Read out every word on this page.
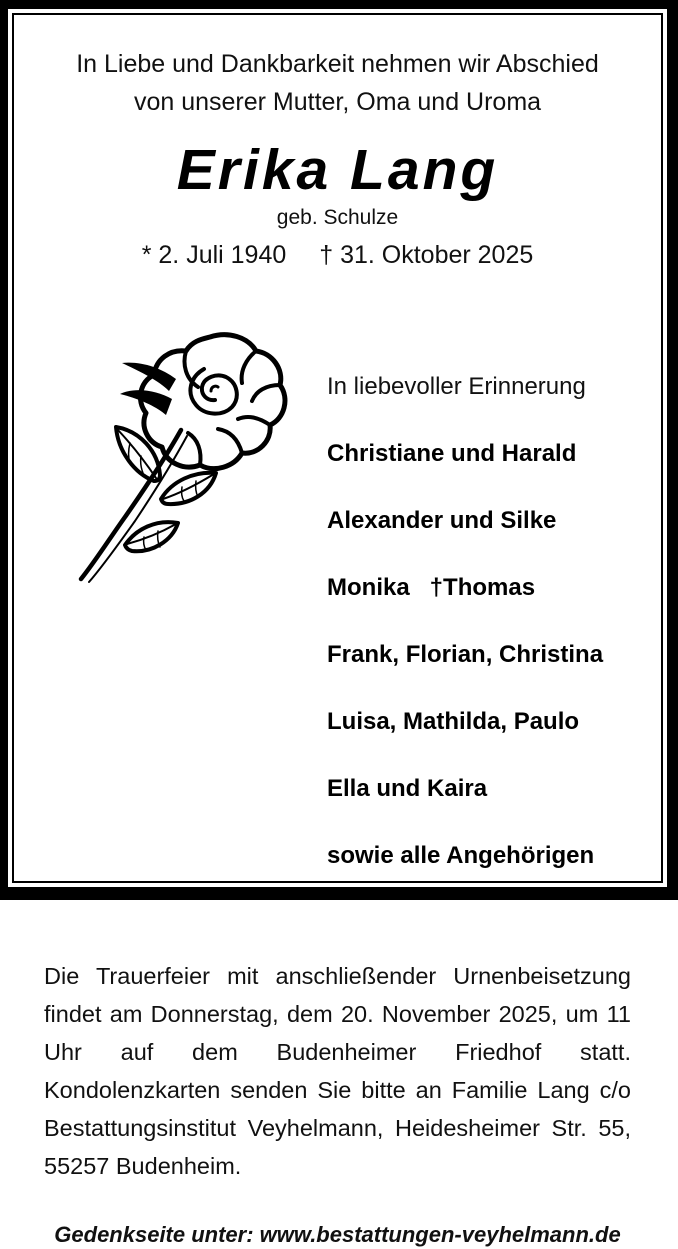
In Liebe und Dankbarkeit nehmen wir Abschied
von unserer Mutter, Oma und Uroma
Erika Lang
geb. Schulze
* 2. Juli 1940 † 31. Oktober 2025

In liebevoller Erinnerung

Christiane und Harald

Alexander und Silke

Monika   †Thomas

Frank, Florian, Christina

Luisa, Mathilda, Paulo

Ella und Kaira

sowie alle Angehörigen

Die Trauerfeier mit anschließender Urnenbeisetzung findet am Donnerstag, dem 20. November 2025, um 11 Uhr auf dem Budenheimer Friedhof statt. Kondolenzkarten senden Sie bitte an Familie Lang c/o Bestattungsinstitut Veyhelmann, Heidesheimer Str. 55, 55257 Budenheim.
Gedenkseite unter: www.bestattungen-veyhelmann.de
